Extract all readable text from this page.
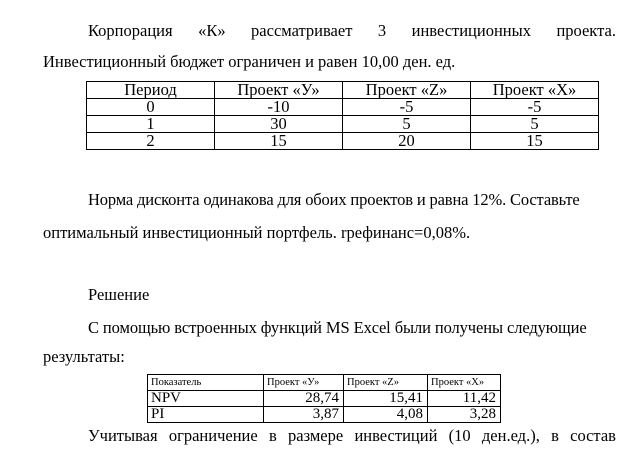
Корпорация «К» рассматривает 3 инвестиционных проекта.
Инвестиционный бюджет ограничен и равен 10,00 ден. ед.
Период	Проект «У»	Проект «Z»	Проект «Х»
0	-10	-5	-5
1	30	5	5
2	15	20	15
Норма дисконта одинакова для обоих проектов и равна 12%. Составьте
оптимальный инвестиционный портфель. rрефинанс=0,08%.
Решение
С помощью встроенных функций MS Excel были получены следующие
результаты:
Показатель	Проект «У»	Проект «Z»	Проект «Х»
NPV	28,74	15,41	11,42
PI	3,87	4,08	3,28
Учитывая ограничение в размере инвестиций (10 ден.ед.), в состав
